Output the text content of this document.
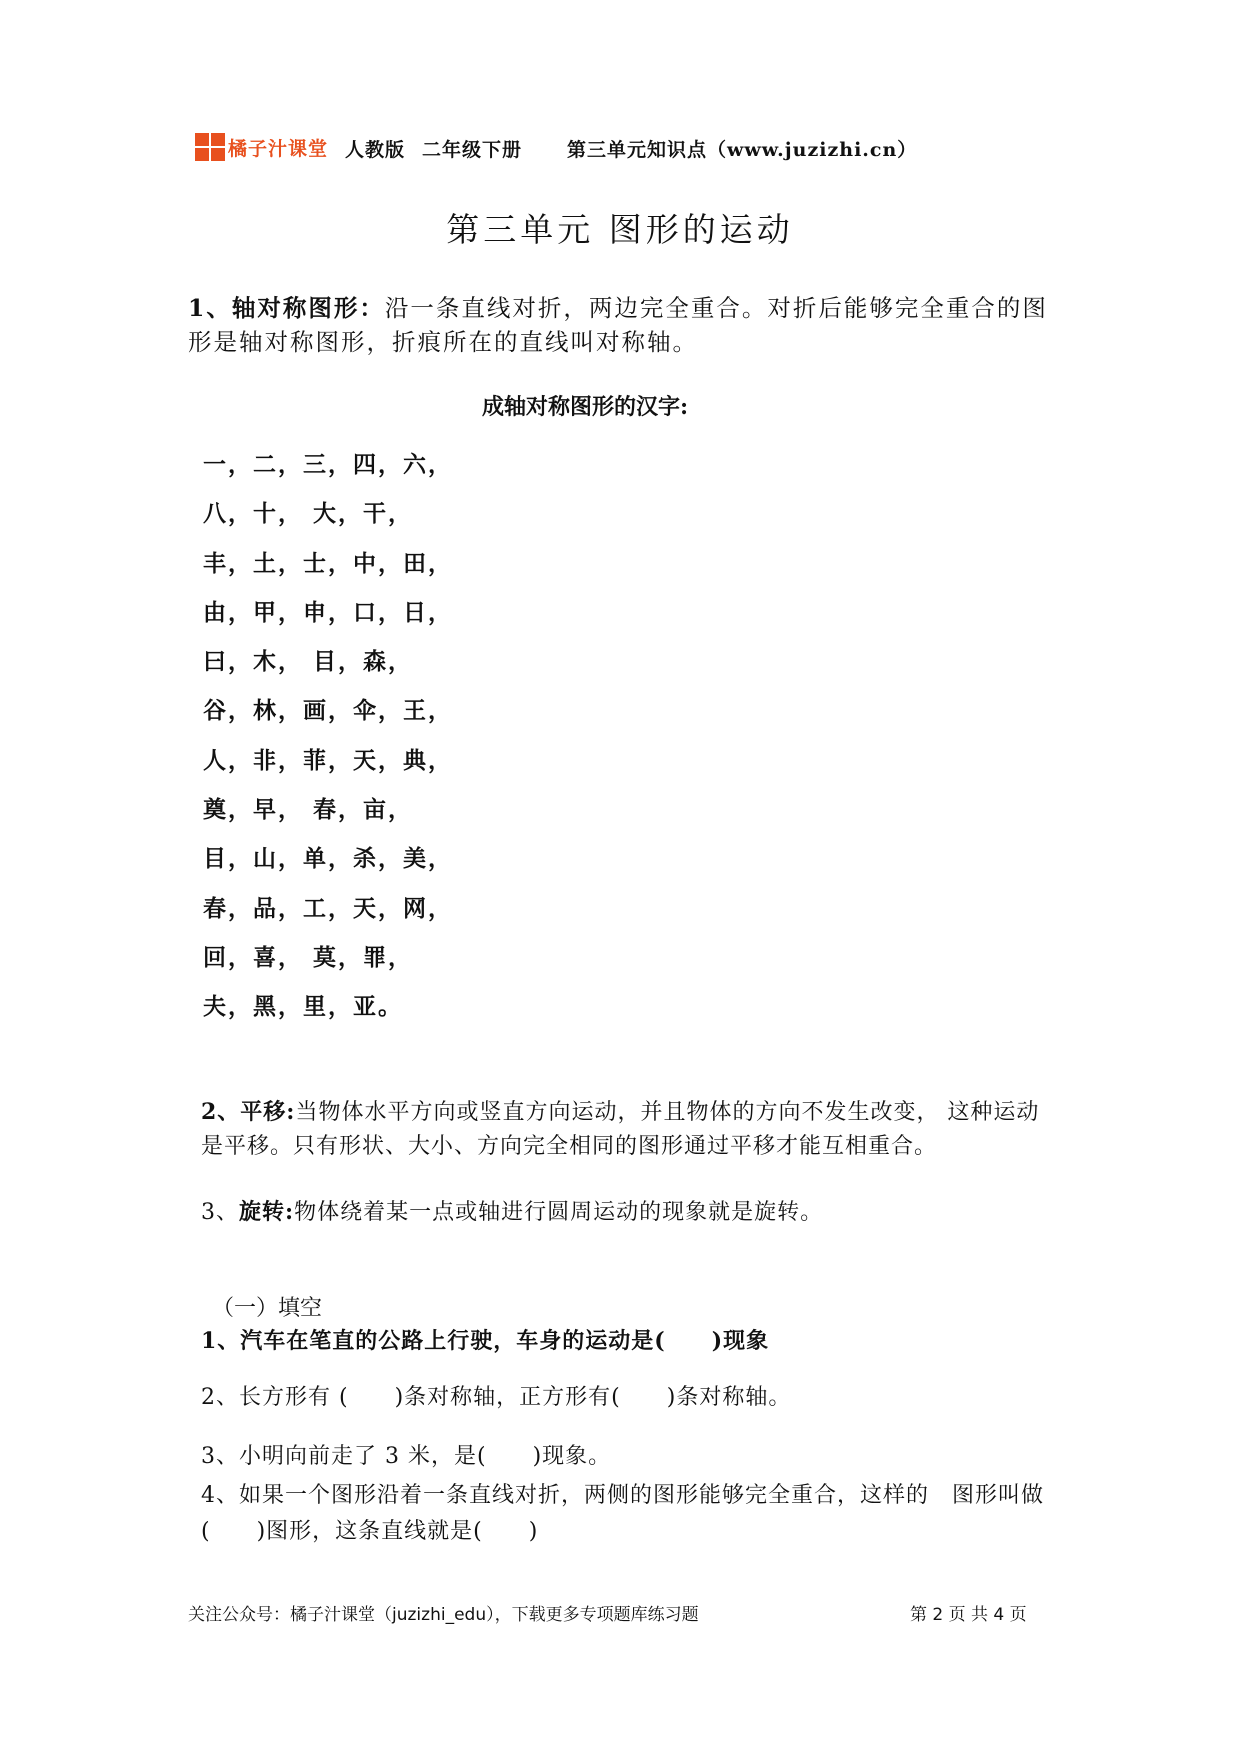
橘子汁课堂 人教版 二年级下册 第三单元知识点（www.juzizhi.cn）
第三单元 图形的运动
1、轴对称图形：沿一条直线对折，两边完全重合。对折后能够完全重合的图形是轴对称图形，折痕所在的直线叫对称轴。
成轴对称图形的汉字:
一，二，三，四，六，
八，十， 大，干，
丰，土，士，中，田，
由，甲，申，口，日，
曰，木， 目，森，
谷，林，画，伞，王，
人，非，菲，天，典，
奠，早， 春，亩，
目，山，单，杀，美，
春，品，工，天，网，
回，喜， 莫，罪，
夫，黑，里，亚。
2、平移:当物体水平方向或竖直方向运动，并且物体的方向不发生改变， 这种运动是平移。只有形状、大小、方向完全相同的图形通过平移才能互相重合。
3、旋转:物体绕着某一点或轴进行圆周运动的现象就是旋转。
（一）填空
1、汽车在笔直的公路上行驶，车身的运动是(　　)现象
2、长方形有 (　　)条对称轴，正方形有(　　)条对称轴。
3、小明向前走了 3 米，是(　　)现象。
4、如果一个图形沿着一条直线对折，两侧的图形能够完全重合，这样的　图形叫做(　　)图形，这条直线就是(　　)
关注公众号：橘子汁课堂（juzizhi_edu），下载更多专项题库练习题	第 2 页 共 4 页
